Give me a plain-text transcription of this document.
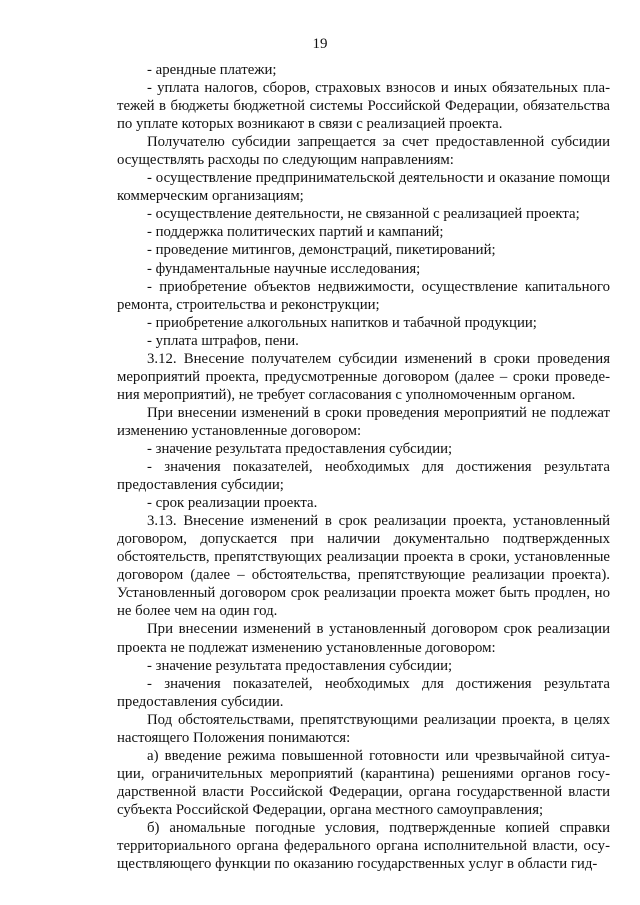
19

- арендные платежи;

- уплата налогов, сборов, страховых взносов и иных обязательных платежей в бюджеты бюджетной системы Российской Федерации, обязательства по уплате которых возникают в связи с реализацией проекта.

Получателю субсидии запрещается за счет предоставленной субсидии осуществлять расходы по следующим направлениям:

- осуществление предпринимательской деятельности и оказание помощи коммерческим организациям;

- осуществление деятельности, не связанной с реализацией проекта;

- поддержка политических партий и кампаний;

- проведение митингов, демонстраций, пикетирований;

- фундаментальные научные исследования;

- приобретение объектов недвижимости, осуществление капитального ремонта, строительства и реконструкции;

- приобретение алкогольных напитков и табачной продукции;

- уплата штрафов, пени.

3.12. Внесение получателем субсидии изменений в сроки проведения мероприятий проекта, предусмотренные договором (далее – сроки проведения мероприятий), не требует согласования с уполномоченным органом.

При внесении изменений в сроки проведения мероприятий не подлежат изменению установленные договором:

- значение результата предоставления субсидии;

- значения показателей, необходимых для достижения результата предоставления субсидии;

- срок реализации проекта.

3.13. Внесение изменений в срок реализации проекта, установленный договором, допускается при наличии документально подтвержденных обстоятельств, препятствующих реализации проекта в сроки, установленные договором (далее – обстоятельства, препятствующие реализации проекта). Установленный договором срок реализации проекта может быть продлен, но не более чем на один год.

При внесении изменений в установленный договором срок реализации проекта не подлежат изменению установленные договором:

- значение результата предоставления субсидии;

- значения показателей, необходимых для достижения результата предоставления субсидии.

Под обстоятельствами, препятствующими реализации проекта, в целях настоящего Положения понимаются:

а) введение режима повышенной готовности или чрезвычайной ситуации, ограничительных мероприятий (карантина) решениями органов государственной власти Российской Федерации, органа государственной власти субъекта Российской Федерации, органа местного самоуправления;

б) аномальные погодные условия, подтвержденные копией справки территориального органа федерального органа исполнительной власти, осуществляющего функции по оказанию государственных услуг в области гид-
